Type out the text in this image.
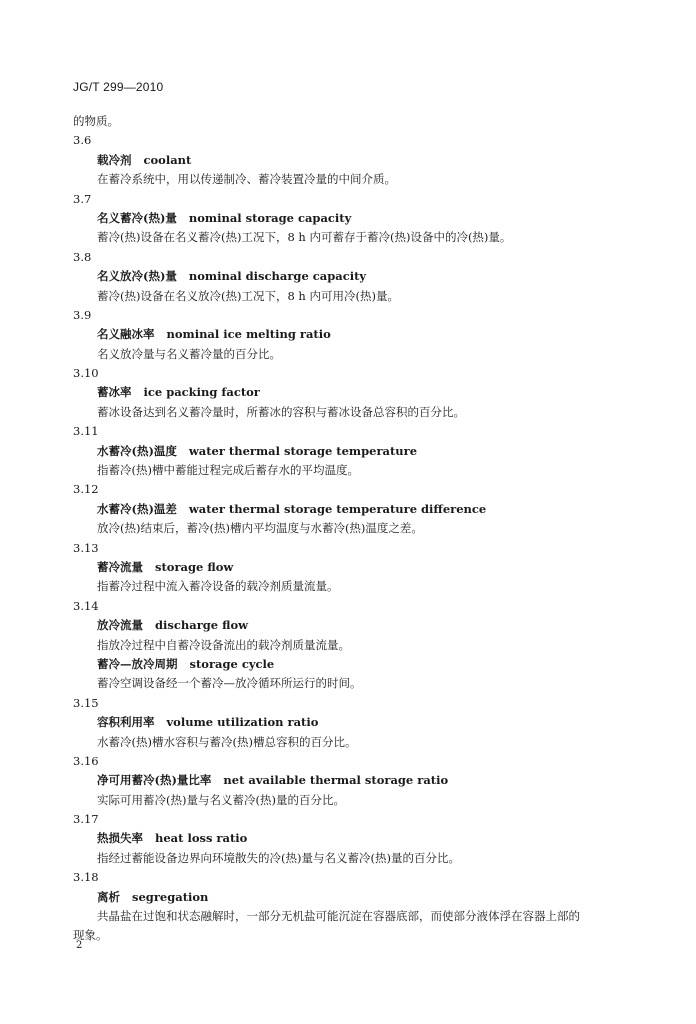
JG/T 299—2010
的物质。
3.6
载冷剂 coolant
在蓄冷系统中，用以传递制冷、蓄冷装置冷量的中间介质。
3.7
名义蓄冷(热)量 nominal storage capacity
蓄冷(热)设备在名义蓄冷(热)工况下，8 h 内可蓄存于蓄冷(热)设备中的冷(热)量。
3.8
名义放冷(热)量 nominal discharge capacity
蓄冷(热)设备在名义放冷(热)工况下，8 h 内可用冷(热)量。
3.9
名义融冰率 nominal ice melting ratio
名义放冷量与名义蓄冷量的百分比。
3.10
蓄冰率 ice packing factor
蓄冰设备达到名义蓄冷量时，所蓄冰的容积与蓄冰设备总容积的百分比。
3.11
水蓄冷(热)温度 water thermal storage temperature
指蓄冷(热)槽中蓄能过程完成后蓄存水的平均温度。
3.12
水蓄冷(热)温差 water thermal storage temperature difference
放冷(热)结束后，蓄冷(热)槽内平均温度与水蓄冷(热)温度之差。
3.13
蓄冷流量 storage flow
指蓄冷过程中流入蓄冷设备的载冷剂质量流量。
3.14
放冷流量 discharge flow
指放冷过程中自蓄冷设备流出的载冷剂质量流量。
蓄冷—放冷周期 storage cycle
蓄冷空调设备经一个蓄冷—放冷循环所运行的时间。
3.15
容积利用率 volume utilization ratio
水蓄冷(热)槽水容积与蓄冷(热)槽总容积的百分比。
3.16
净可用蓄冷(热)量比率 net available thermal storage ratio
实际可用蓄冷(热)量与名义蓄冷(热)量的百分比。
3.17
热损失率 heat loss ratio
指经过蓄能设备边界向环境散失的冷(热)量与名义蓄冷(热)量的百分比。
3.18
离析 segregation
共晶盐在过饱和状态融解时，一部分无机盐可能沉淀在容器底部，而使部分液体浮在容器上部的
现象。
2
